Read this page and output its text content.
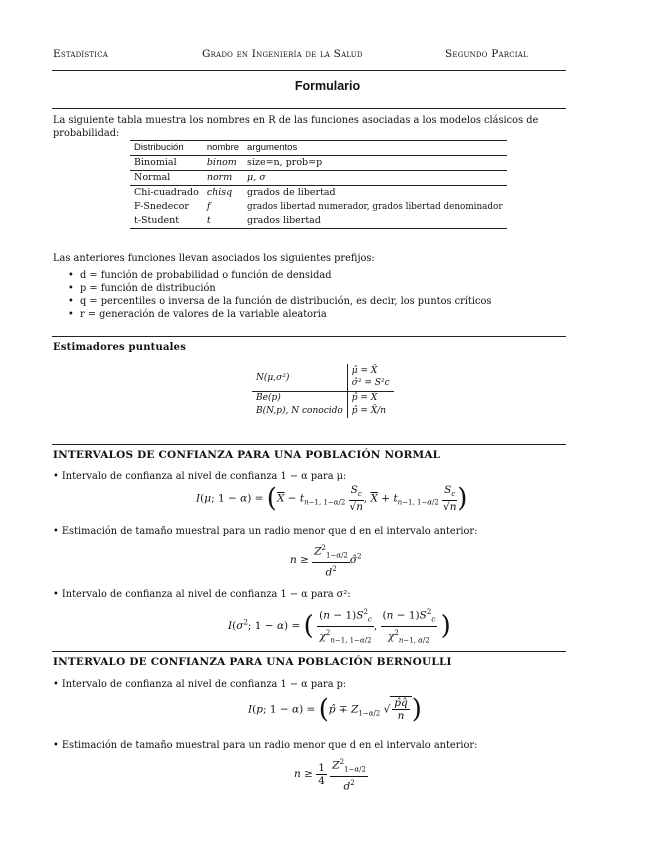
Estadística	Grado en Ingeniería de la Salud	Segundo Parcial
Formulario
La siguiente tabla muestra los nombres en R de las funciones asociadas a los modelos clásicos de probabilidad:
Distribución	nombre	argumentos
Binomial	binom	size=n, prob=p
Normal	norm	μ, σ
Chi-cuadrado	chisq	grados de libertad
F-Snedecor	f	grados libertad numerador, grados libertad denominador
t-Student	t	grados libertad
Las anteriores funciones llevan asociados los siguientes prefijos:
• d = función de probabilidad o función de densidad
• p = función de distribución
• q = percentiles o inversa de la función de distribución, es decir, los puntos críticos
• r = generación de valores de la variable aleatoria
Estimadores puntuales
N(μ,σ²)	μ̂ = X̄
σ̂² = S²c
Be(p)	p̂ = X̄
B(N,p), N conocido	p̂ = X̄/n
INTERVALOS DE CONFIANZA PARA UNA POBLACIÓN NORMAL
• Intervalo de confianza al nivel de confianza 1 − α para μ:
I(μ; $1 - \alpha) = (\overline{X} - t_{n-1, 1-\alpha/2} \frac{S_c}{√n}$ , $\overline{X} + t_{n-1, 1-\alpha/2} \frac{S_c}{√n}$ )
• Estimación de tamaño muestral para un radio menor que d en el intervalo anterior:
$n \ge \frac{Z^2_{1-\alpha/2}}{d^2}$ σ̂$^2$
• Intervalo de confianza al nivel de confianza 1 − α para σ²:
$I(\sigma^2$; 1 − α) = ( $\frac{(n - 1)S^2_c}{\chi^2_{n-1, 1-\alpha/2}}$ , $\frac{(n - 1)S^2_c}{\chi^2_{n-1, \alpha/2}}$ )
INTERVALO DE CONFIANZA PARA UNA POBLACIÓN BERNOULLI
• Intervalo de confianza al nivel de confianza 1 − α para p:
I(p; 1 − α) = (p̂ ∓ $Z_{1-\alpha/2}$ √ $\frac{p̂q̂}{n}$ )
• Estimación de tamaño muestral para un radio menor que d en el intervalo anterior:
$n \ge \frac{1}{4}$
$\frac{Z^2_{1-\alpha/2}}{d^2}$
